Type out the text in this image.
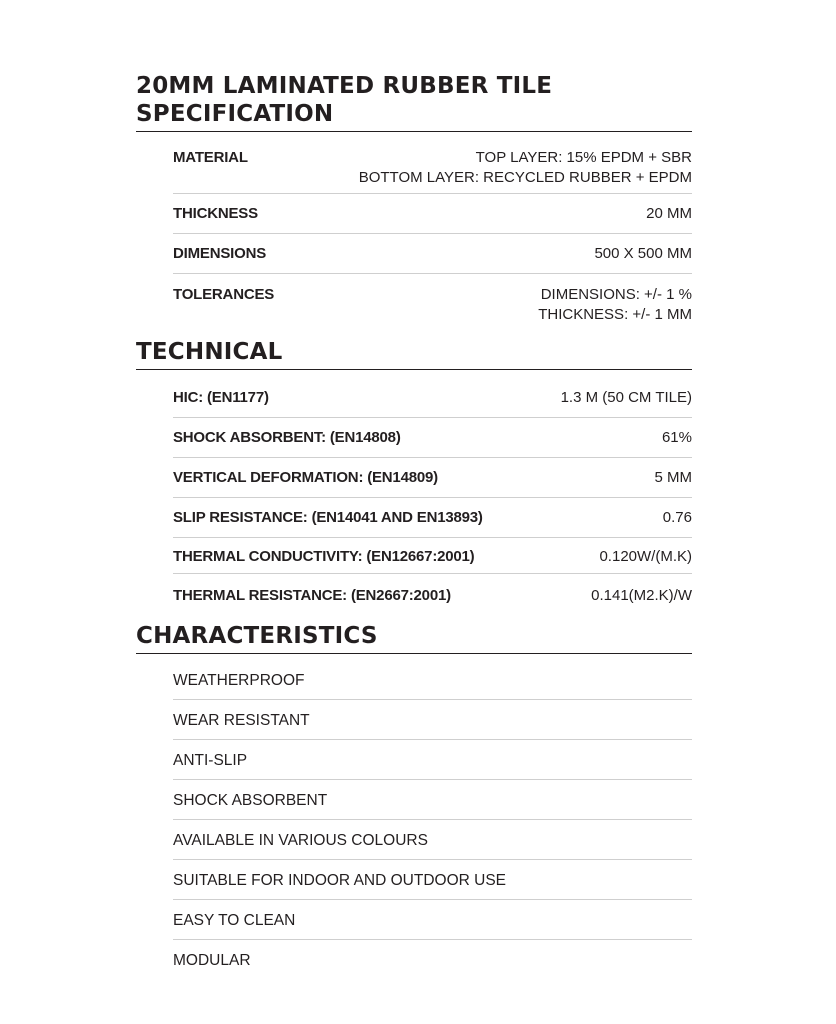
20MM LAMINATED RUBBER TILE SPECIFICATION
MATERIAL	TOP LAYER: 15% EPDM + SBR
BOTTOM LAYER: RECYCLED RUBBER + EPDM
THICKNESS	20 MM
DIMENSIONS	500 X 500 MM
TOLERANCES	DIMENSIONS: +/- 1 %
THICKNESS: +/- 1 MM
TECHNICAL
HIC: (EN1177)	1.3 M (50 CM TILE)
SHOCK ABSORBENT: (EN14808)	61%
VERTICAL DEFORMATION: (EN14809)	5 MM
SLIP RESISTANCE: (EN14041 AND EN13893)	0.76
THERMAL CONDUCTIVITY: (EN12667:2001)	0.120W/(M.K)
THERMAL RESISTANCE: (EN2667:2001)	0.141(M2.K)/W
CHARACTERISTICS
WEATHERPROOF
WEAR RESISTANT
ANTI-SLIP
SHOCK ABSORBENT
AVAILABLE IN VARIOUS COLOURS
SUITABLE FOR INDOOR AND OUTDOOR USE
EASY TO CLEAN
MODULAR
